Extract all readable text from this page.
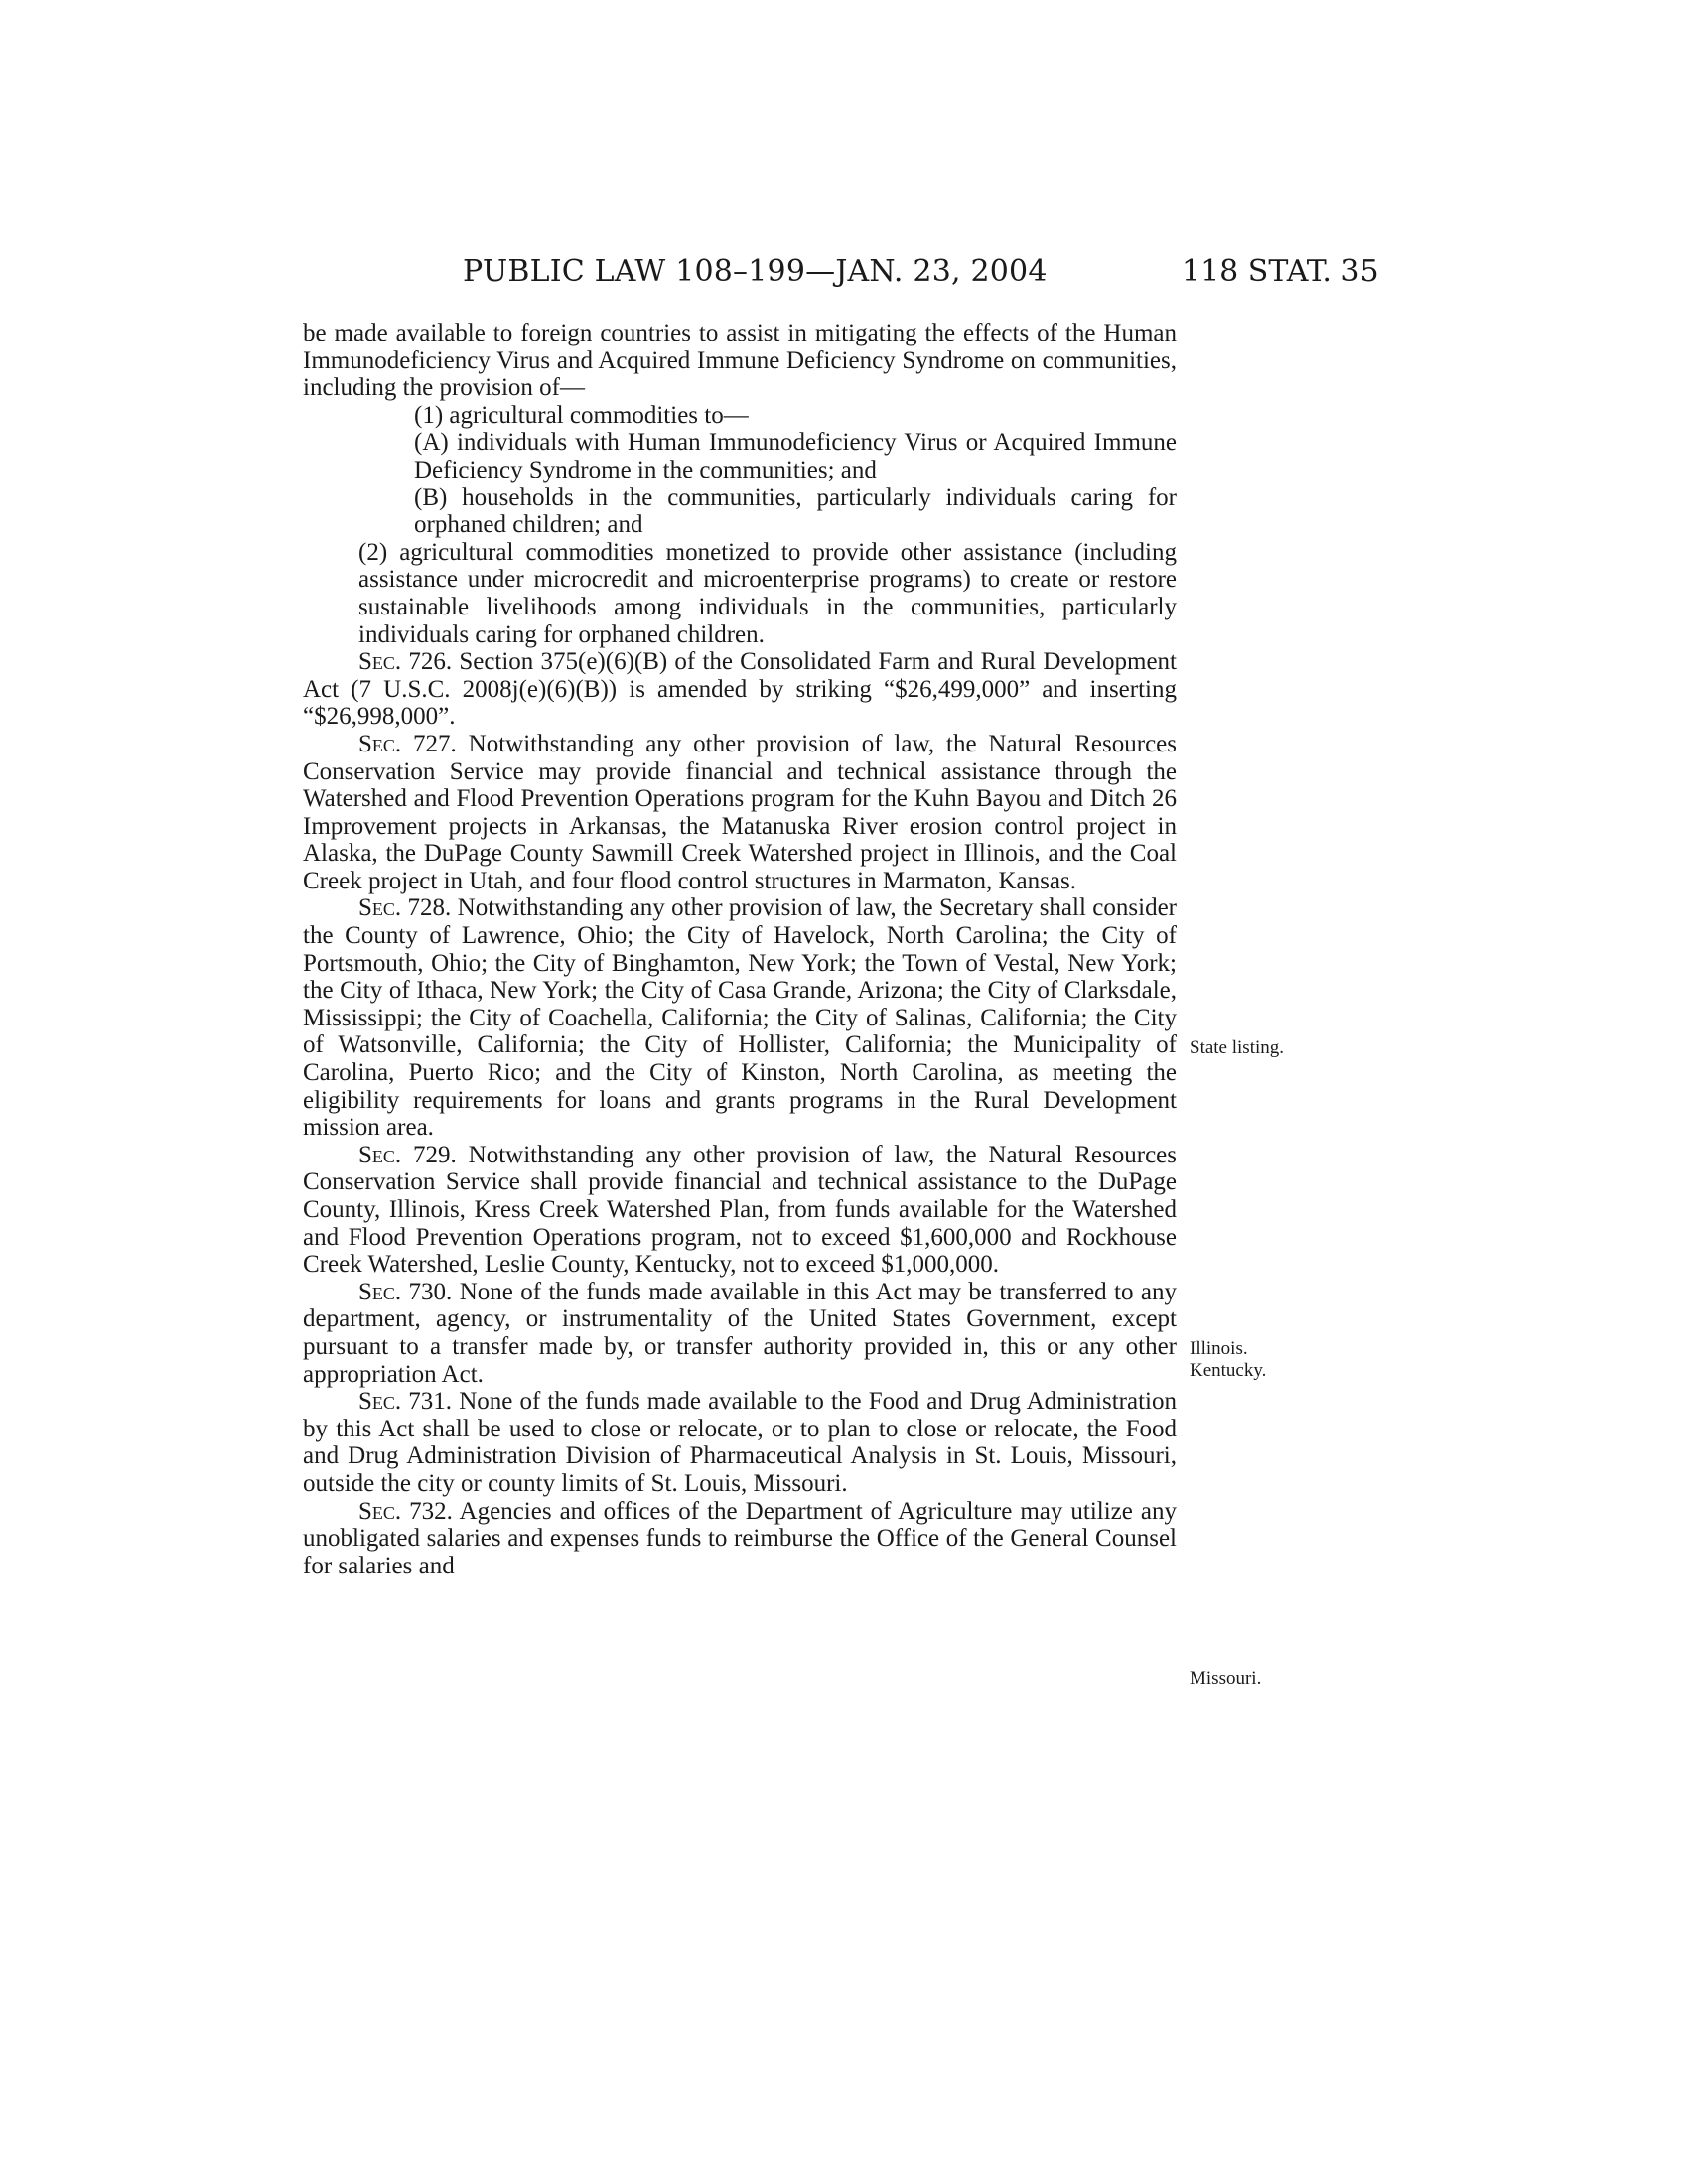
PUBLIC LAW 108–199—JAN. 23, 2004	118 STAT. 35

be made available to foreign countries to assist in mitigating the effects of the Human Immunodeficiency Virus and Acquired Immune Deficiency Syndrome on communities, including the provision of—

(1) agricultural commodities to—

(A) individuals with Human Immunodeficiency Virus or Acquired Immune Deficiency Syndrome in the communities; and

(B) households in the communities, particularly individuals caring for orphaned children; and

(2) agricultural commodities monetized to provide other assistance (including assistance under microcredit and microenterprise programs) to create or restore sustainable livelihoods among individuals in the communities, particularly individuals caring for orphaned children.

Sec. 726. Section 375(e)(6)(B) of the Consolidated Farm and Rural Development Act (7 U.S.C. 2008j(e)(6)(B)) is amended by striking “$26,499,000” and inserting “$26,998,000”.

Sec. 727. Notwithstanding any other provision of law, the Natural Resources Conservation Service may provide financial and technical assistance through the Watershed and Flood Prevention Operations program for the Kuhn Bayou and Ditch 26 Improvement projects in Arkansas, the Matanuska River erosion control project in Alaska, the DuPage County Sawmill Creek Watershed project in Illinois, and the Coal Creek project in Utah, and four flood control structures in Marmaton, Kansas.

Sec. 728. Notwithstanding any other provision of law, the Secretary shall consider the County of Lawrence, Ohio; the City of Havelock, North Carolina; the City of Portsmouth, Ohio; the City of Binghamton, New York; the Town of Vestal, New York; the City of Ithaca, New York; the City of Casa Grande, Arizona; the City of Clarksdale, Mississippi; the City of Coachella, California; the City of Salinas, California; the City of Watsonville, California; the City of Hollister, California; the Municipality of Carolina, Puerto Rico; and the City of Kinston, North Carolina, as meeting the eligibility requirements for loans and grants programs in the Rural Development mission area.

Sec. 729. Notwithstanding any other provision of law, the Natural Resources Conservation Service shall provide financial and technical assistance to the DuPage County, Illinois, Kress Creek Watershed Plan, from funds available for the Watershed and Flood Prevention Operations program, not to exceed $1,600,000 and Rockhouse Creek Watershed, Leslie County, Kentucky, not to exceed $1,000,000.

Sec. 730. None of the funds made available in this Act may be transferred to any department, agency, or instrumentality of the United States Government, except pursuant to a transfer made by, or transfer authority provided in, this or any other appropriation Act.

Sec. 731. None of the funds made available to the Food and Drug Administration by this Act shall be used to close or relocate, or to plan to close or relocate, the Food and Drug Administration Division of Pharmaceutical Analysis in St. Louis, Missouri, outside the city or county limits of St. Louis, Missouri.

Sec. 732. Agencies and offices of the Department of Agriculture may utilize any unobligated salaries and expenses funds to reimburse the Office of the General Counsel for salaries and

State listing.
Illinois.
Kentucky.
Missouri.
